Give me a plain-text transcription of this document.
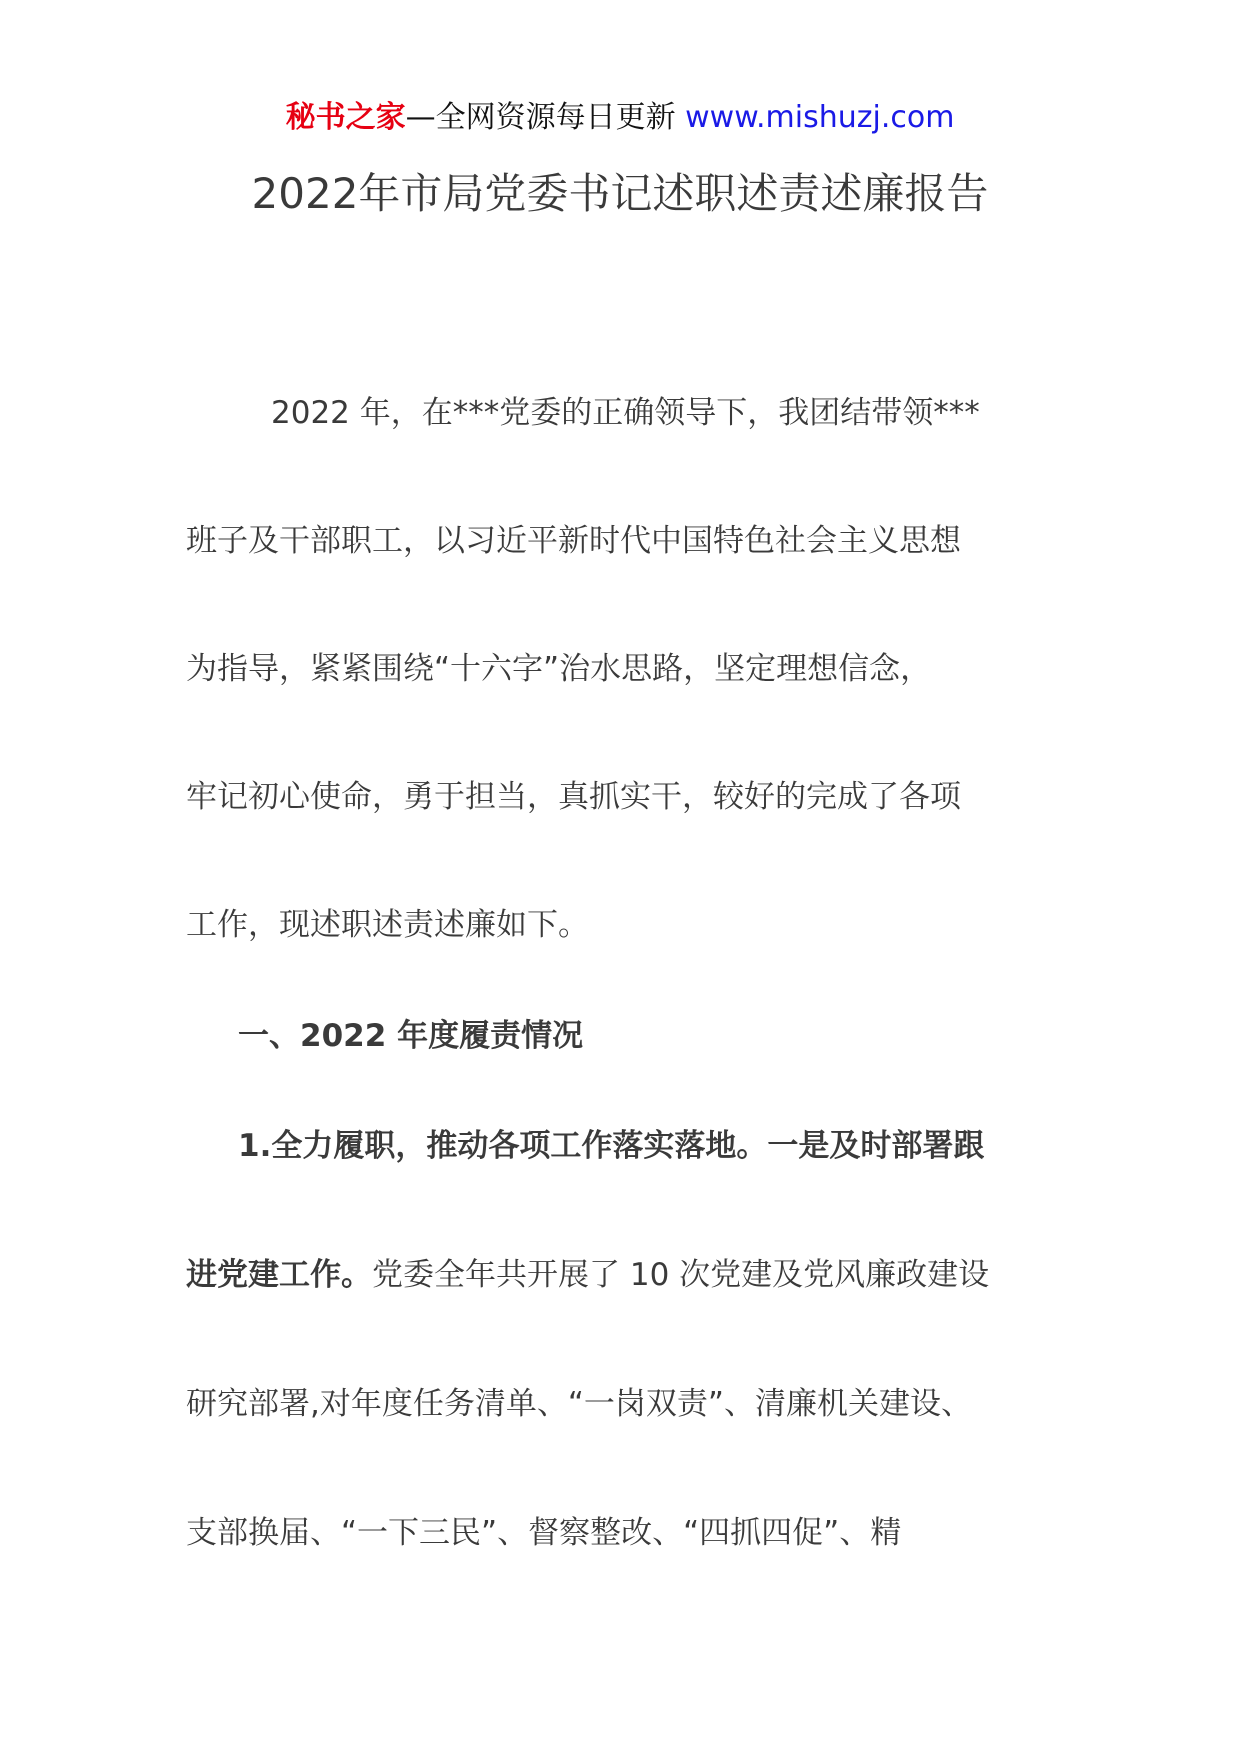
秘书之家—全网资源每日更新 www.mishuzj.com
2022年市局党委书记述职述责述廉报告
2022 年，在***党委的正确领导下，我团结带领***
班子及干部职工，以习近平新时代中国特色社会主义思想
为指导，紧紧围绕“十六字”治水思路，坚定理想信念，
牢记初心使命，勇于担当，真抓实干，较好的完成了各项
工作，现述职述责述廉如下。
一、2022 年度履责情况
1.全力履职，推动各项工作落实落地。一是及时部署跟
进党建工作。党委全年共开展了 10 次党建及党风廉政建设
研究部署,对年度任务清单、“一岗双责”、清廉机关建设、
支部换届、“一下三民”、督察整改、“四抓四促”、精
